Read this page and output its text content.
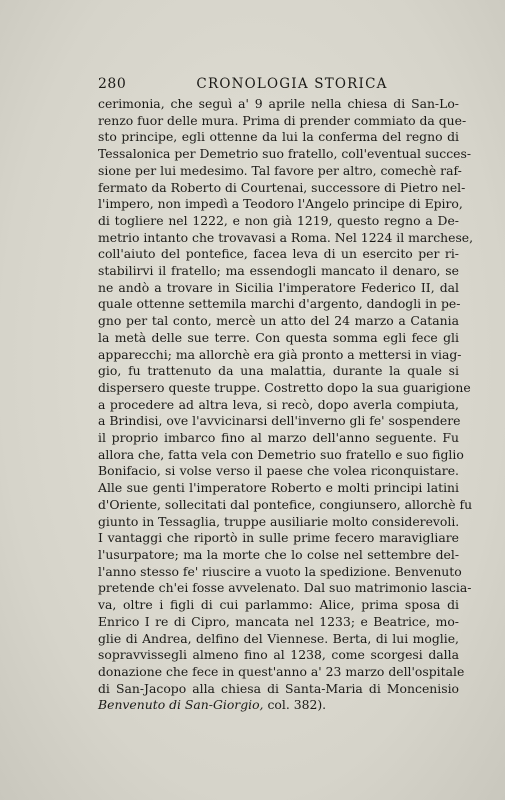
280	CRONOLOGIA STORICA
cerimonia, che seguì a' 9 aprile nella chiesa di San-Lo-
renzo fuor delle mura. Prima di prender commiato da que-
sto principe, egli ottenne da lui la conferma del regno di
Tessalonica per Demetrio suo fratello, coll'eventual succes-
sione per lui medesimo. Tal favore per altro, comechè raf-
fermato da Roberto di Courtenai, successore di Pietro nel-
l'impero, non impedì a Teodoro l'Angelo principe di Epiro,
di togliere nel 1222, e non già 1219, questo regno a De-
metrio intanto che trovavasi a Roma. Nel 1224 il marchese,
coll'aiuto del pontefice, facea leva di un esercito per ri-
stabilirvi il fratello; ma essendogli mancato il denaro, se
ne andò a trovare in Sicilia l'imperatore Federico II, dal
quale ottenne settemila marchi d'argento, dandogli in pe-
gno per tal conto, mercè un atto del 24 marzo a Catania
la metà delle sue terre. Con questa somma egli fece gli
apparecchi; ma allorchè era già pronto a mettersi in viag-
gio, fu trattenuto da una malattia, durante la quale si
dispersero queste truppe. Costretto dopo la sua guarigione
a procedere ad altra leva, si recò, dopo averla compiuta,
a Brindisi, ove l'avvicinarsi dell'inverno gli fe' sospendere
il proprio imbarco fino al marzo dell'anno seguente. Fu
allora che, fatta vela con Demetrio suo fratello e suo figlio
Bonifacio, si volse verso il paese che volea riconquistare.
Alle sue genti l'imperatore Roberto e molti principi latini
d'Oriente, sollecitati dal pontefice, congiunsero, allorchè fu
giunto in Tessaglia, truppe ausiliarie molto considerevoli.
I vantaggi che riportò in sulle prime fecero maravigliare
l'usurpatore; ma la morte che lo colse nel settembre del-
l'anno stesso fe' riuscire a vuoto la spedizione. Benvenuto
pretende ch'ei fosse avvelenato. Dal suo matrimonio lascia-
va, oltre i figli di cui parlammo: Alice, prima sposa di
Enrico I re di Cipro, mancata nel 1233; e Beatrice, mo-
glie di Andrea, delfino del Viennese. Berta, di lui moglie,
sopravvissegli almeno fino al 1238, come scorgesi dalla
donazione che fece in quest'anno a' 23 marzo dell'ospitale
di San-Jacopo alla chiesa di Santa-Maria di Moncenisio
Benvenuto di San-Giorgio, col. 382).
